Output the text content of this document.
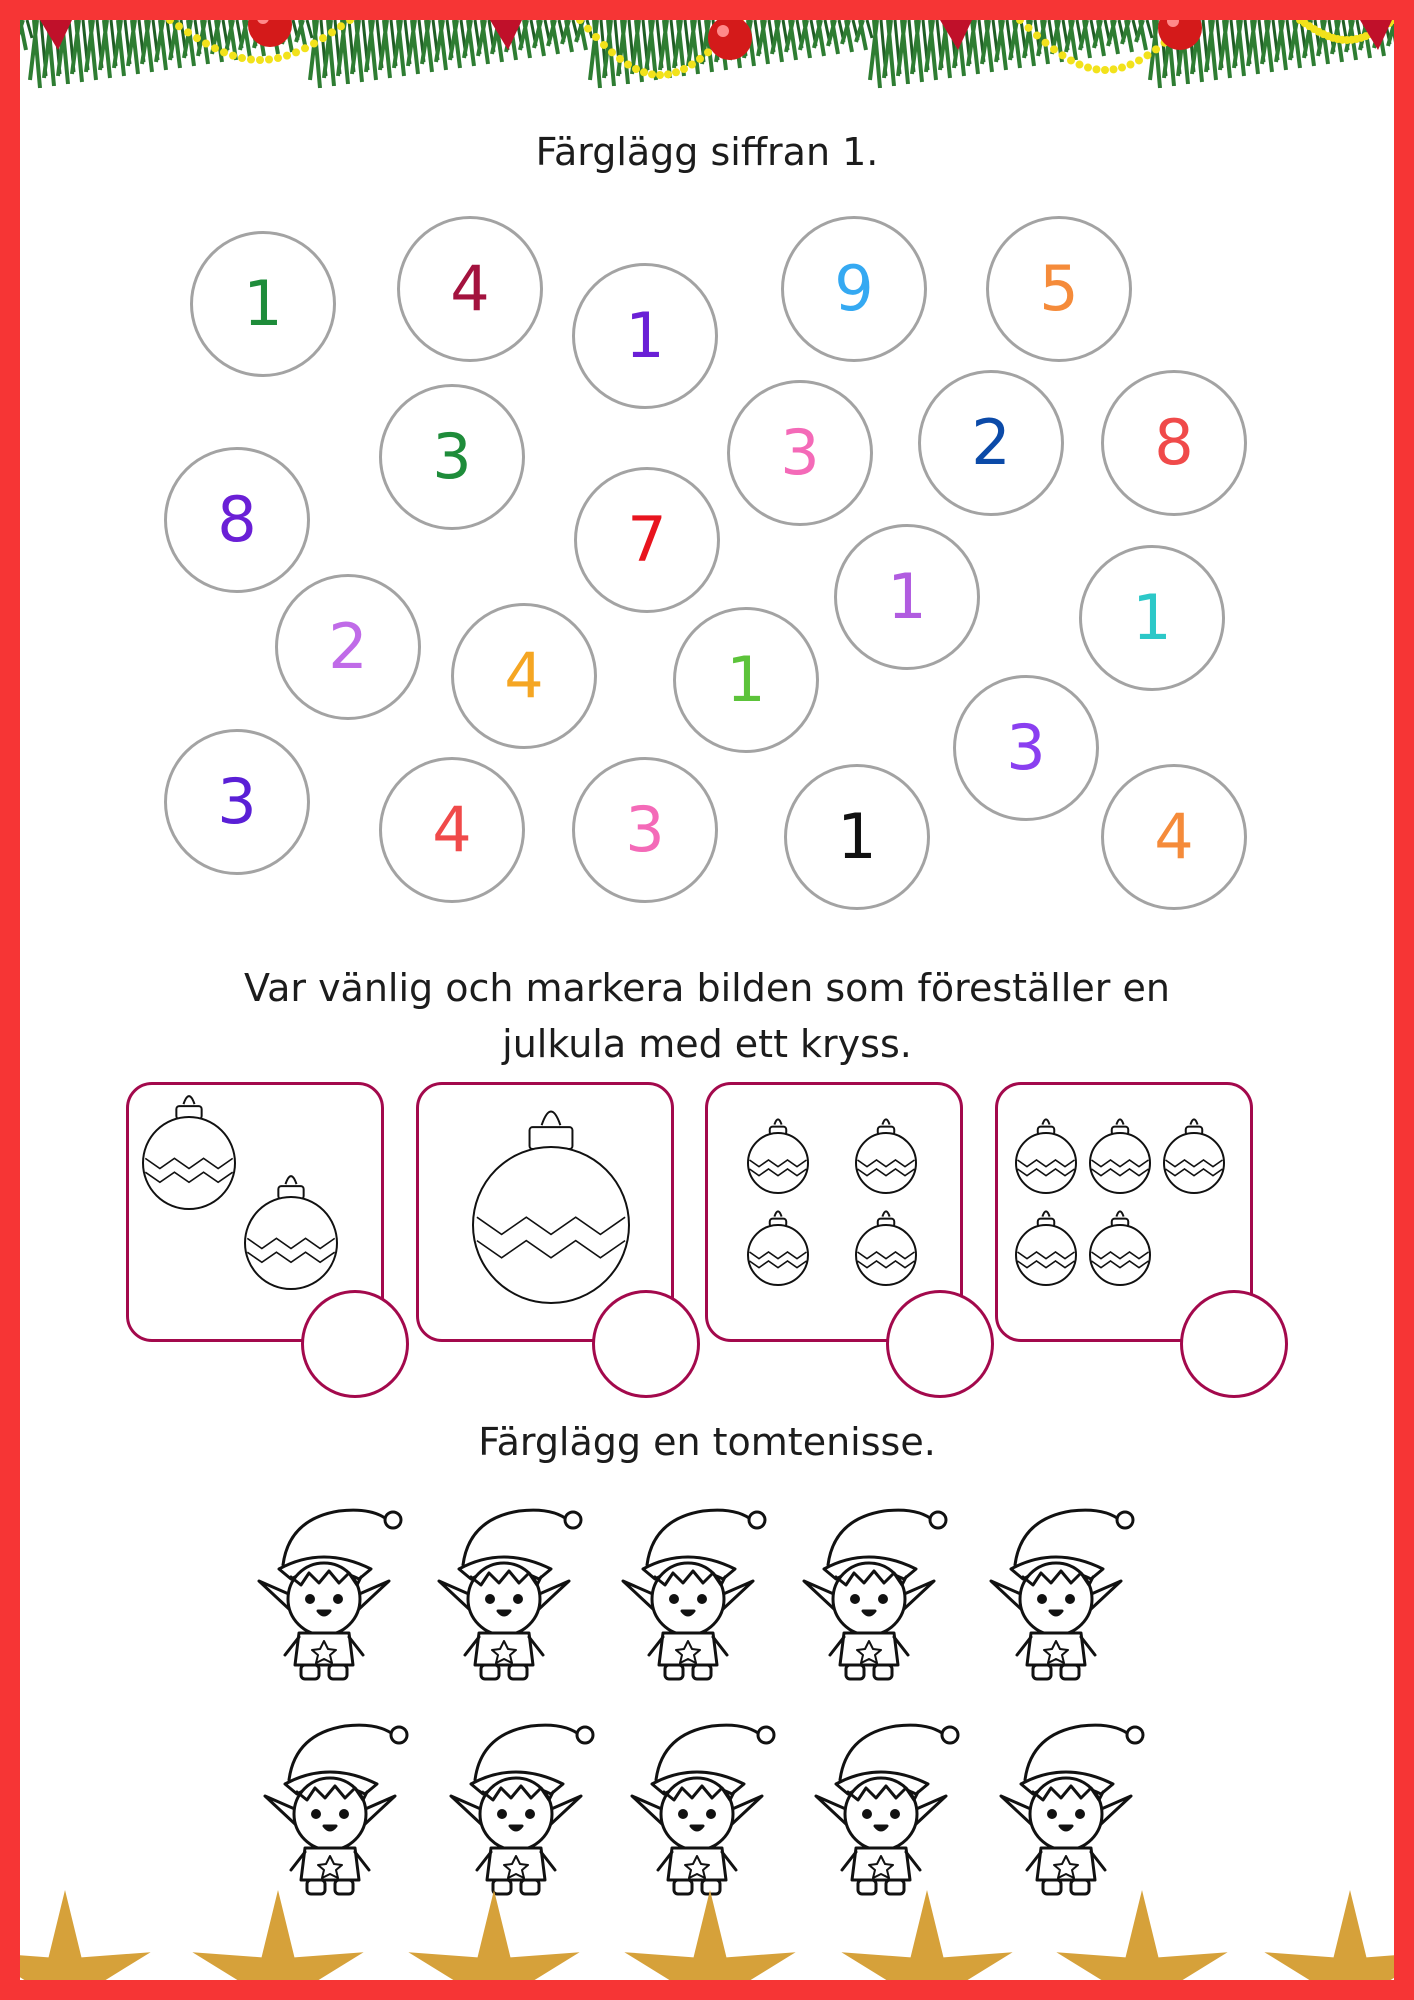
Färglägg siffran 1.
1	4
1
9	5
3	3 2 8
8	7
1	1
2 4	1
3
3	4 3	1	4
Var vänlig och markera bilden som föreställer en
julkula med ett kryss.
Färglägg en tomtenisse.
